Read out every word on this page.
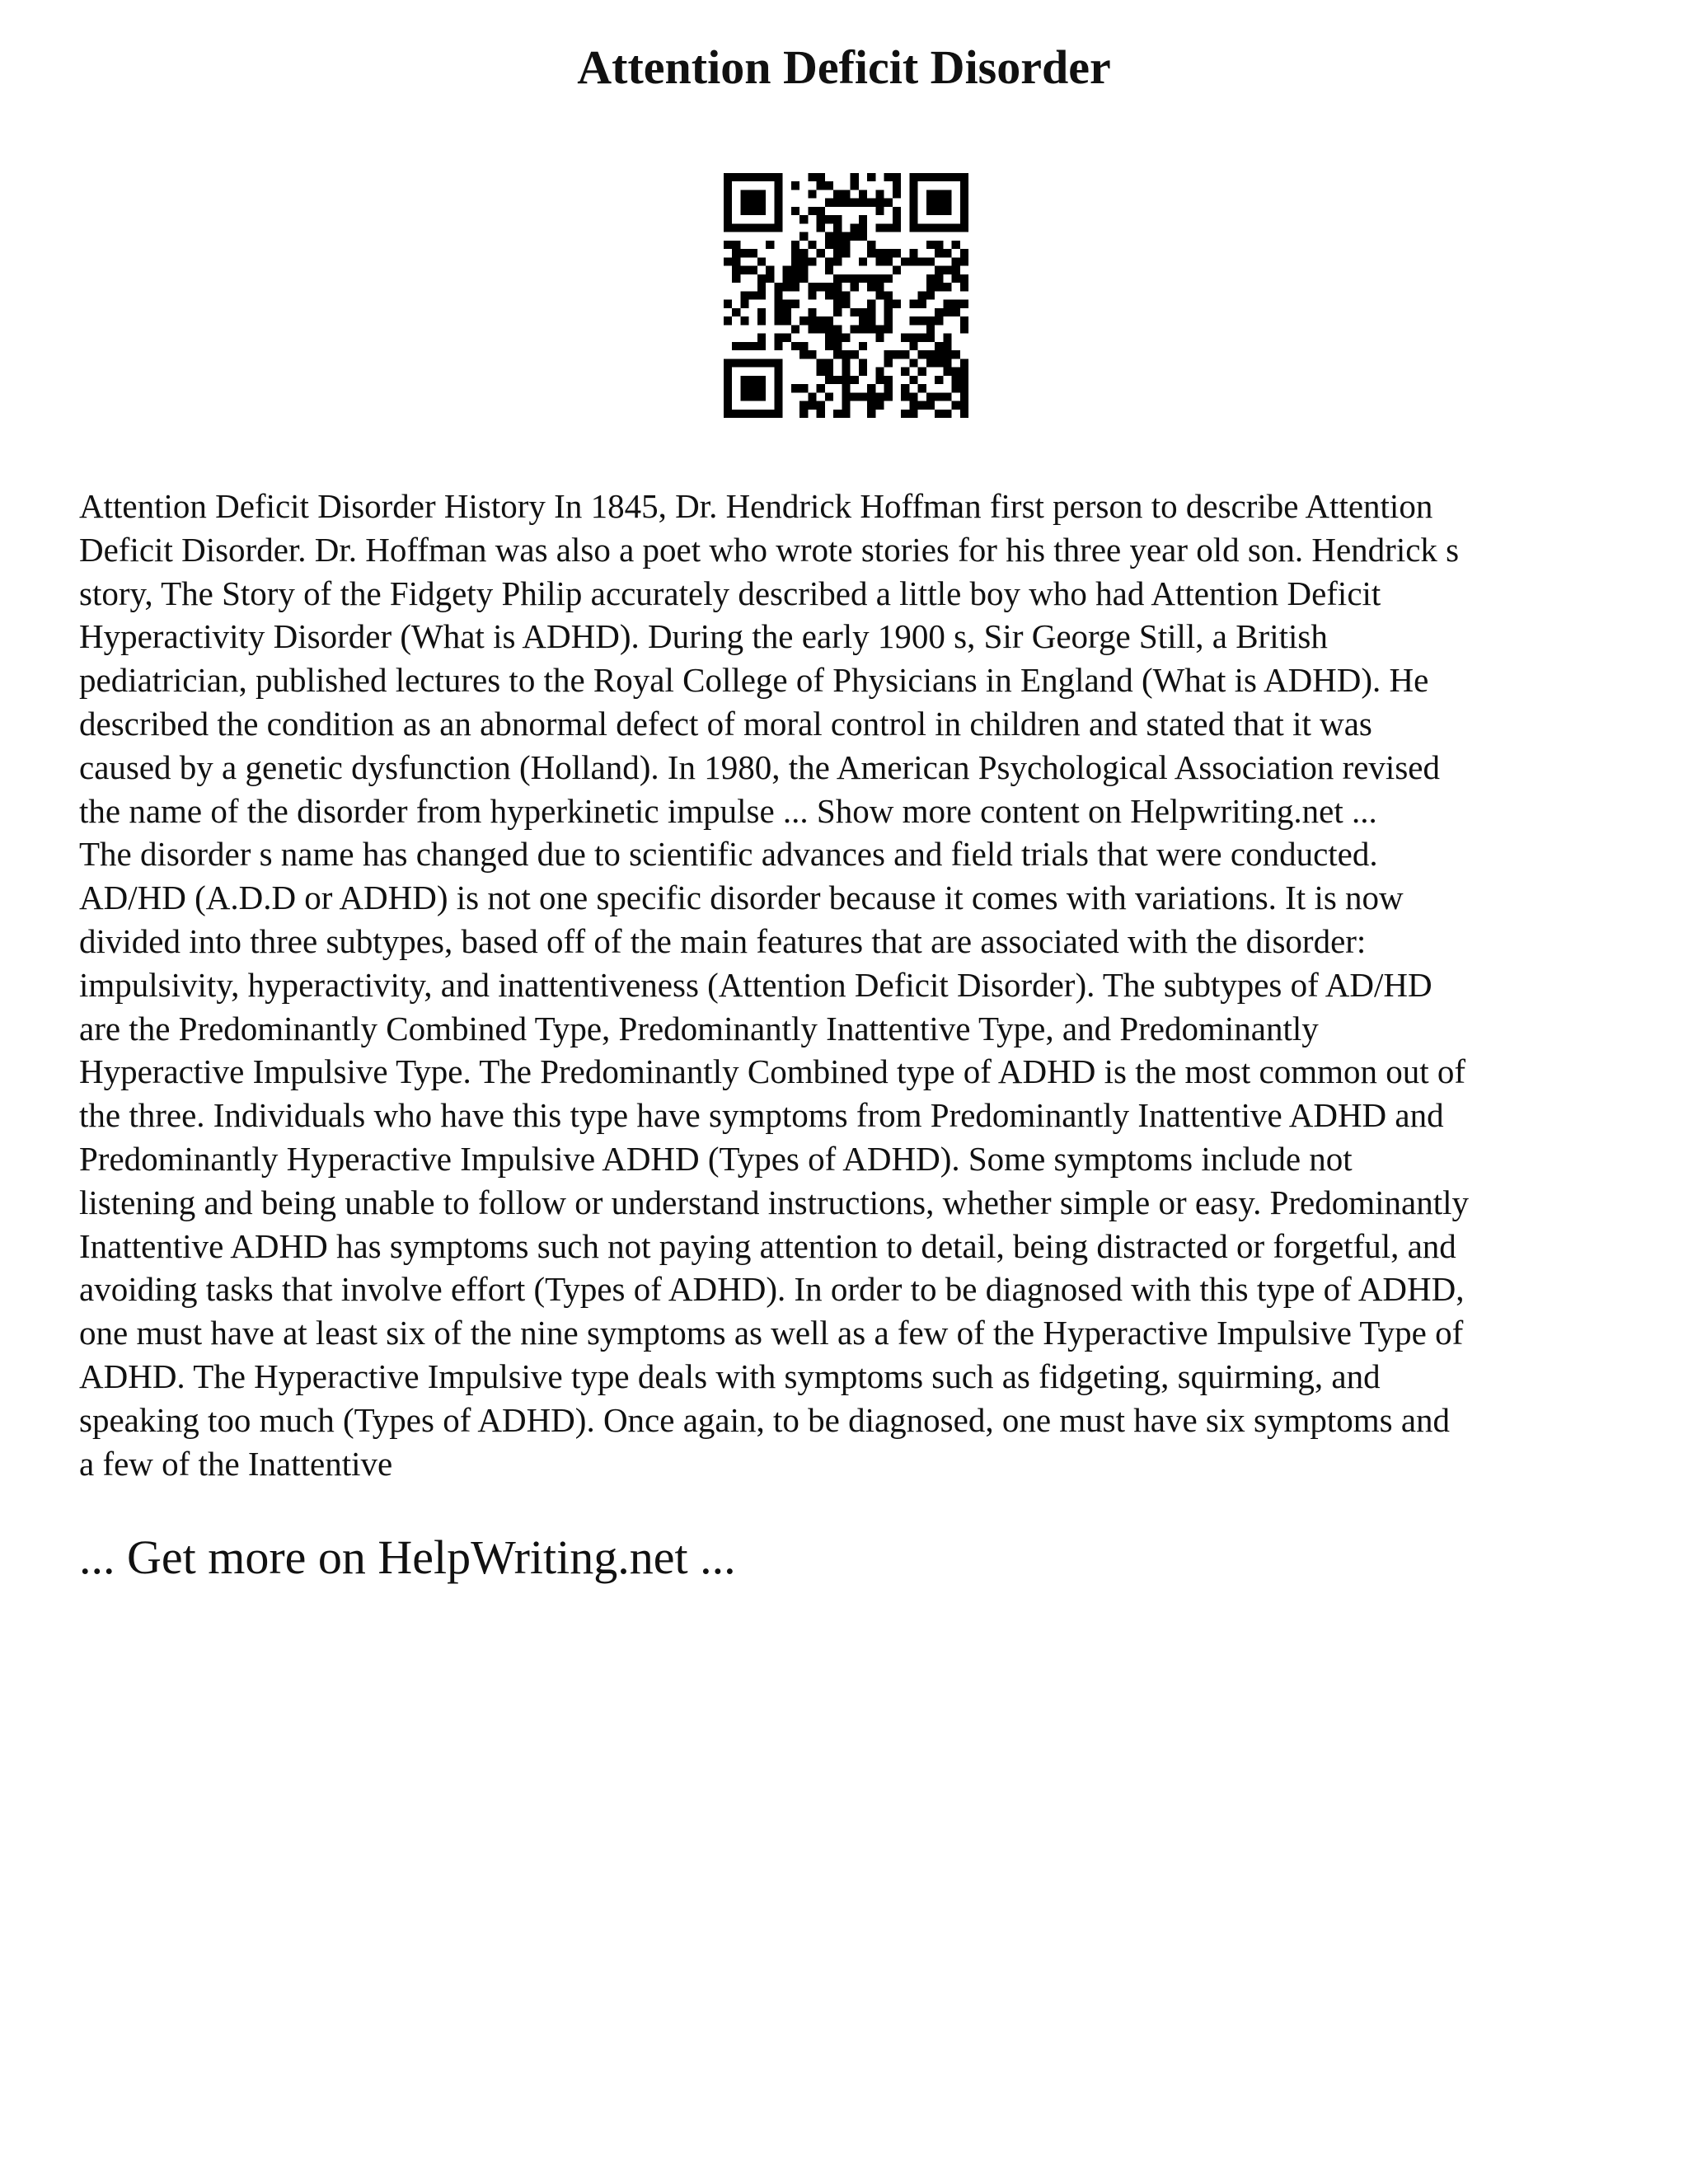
Attention Deficit Disorder
Attention Deficit Disorder History In 1845, Dr. Hendrick Hoffman first person to describe Attention
Deficit Disorder. Dr. Hoffman was also a poet who wrote stories for his three year old son. Hendrick s
story, The Story of the Fidgety Philip accurately described a little boy who had Attention Deficit
Hyperactivity Disorder (What is ADHD). During the early 1900 s, Sir George Still, a British
pediatrician, published lectures to the Royal College of Physicians in England (What is ADHD). He
described the condition as an abnormal defect of moral control in children and stated that it was
caused by a genetic dysfunction (Holland). In 1980, the American Psychological Association revised
the name of the disorder from hyperkinetic impulse ... Show more content on Helpwriting.net ...
The disorder s name has changed due to scientific advances and field trials that were conducted.
AD/HD (A.D.D or ADHD) is not one specific disorder because it comes with variations. It is now
divided into three subtypes, based off of the main features that are associated with the disorder:
impulsivity, hyperactivity, and inattentiveness (Attention Deficit Disorder). The subtypes of AD/HD
are the Predominantly Combined Type, Predominantly Inattentive Type, and Predominantly
Hyperactive Impulsive Type. The Predominantly Combined type of ADHD is the most common out of
the three. Individuals who have this type have symptoms from Predominantly Inattentive ADHD and
Predominantly Hyperactive Impulsive ADHD (Types of ADHD). Some symptoms include not
listening and being unable to follow or understand instructions, whether simple or easy. Predominantly
Inattentive ADHD has symptoms such not paying attention to detail, being distracted or forgetful, and
avoiding tasks that involve effort (Types of ADHD). In order to be diagnosed with this type of ADHD,
one must have at least six of the nine symptoms as well as a few of the Hyperactive Impulsive Type of
ADHD. The Hyperactive Impulsive type deals with symptoms such as fidgeting, squirming, and
speaking too much (Types of ADHD). Once again, to be diagnosed, one must have six symptoms and
a few of the Inattentive
... Get more on HelpWriting.net ...
